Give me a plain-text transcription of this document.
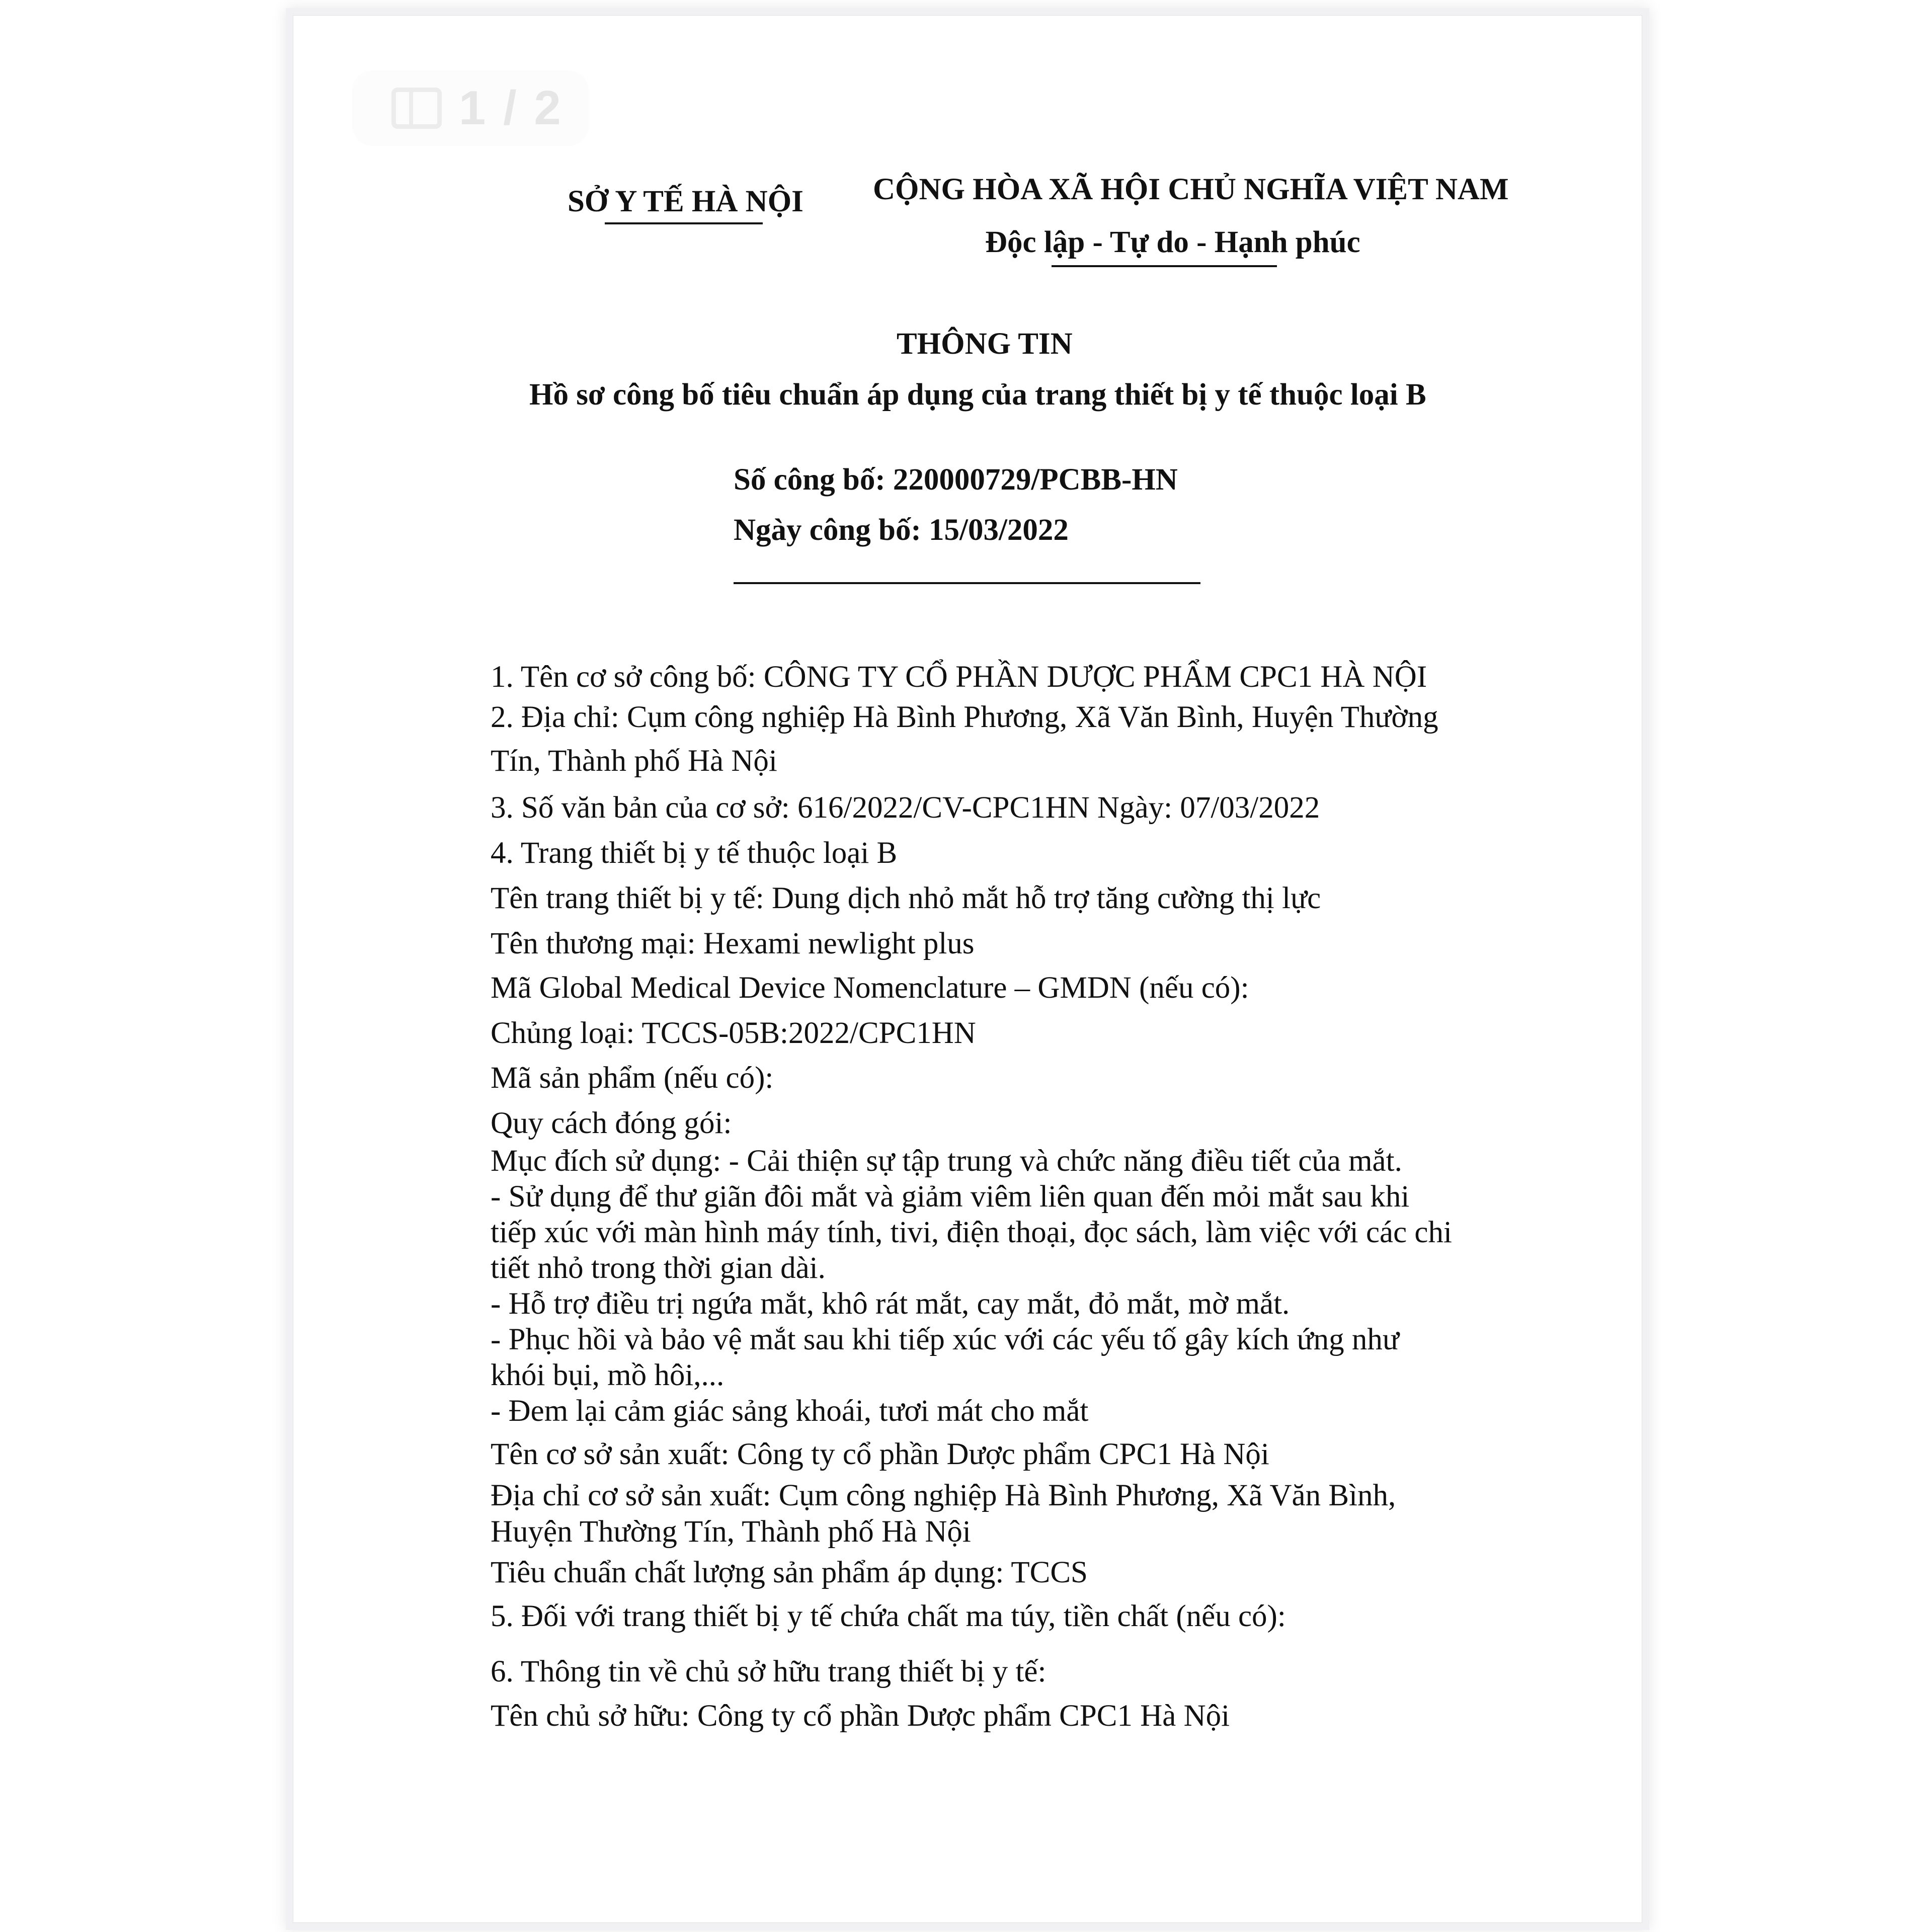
1 / 2
SỞ Y TẾ HÀ NỘI CỘNG HÒA XÃ HỘI CHỦ NGHĨA VIỆT NAM
Độc lập - Tự do - Hạnh phúc
THÔNG TIN
Hồ sơ công bố tiêu chuẩn áp dụng của trang thiết bị y tế thuộc loại B
Số công bố: 220000729/PCBB-HN
Ngày công bố: 15/03/2022
1. Tên cơ sở công bố: CÔNG TY CỔ PHẦN DƯỢC PHẨM CPC1 HÀ NỘI
2. Địa chỉ: Cụm công nghiệp Hà Bình Phương, Xã Văn Bình, Huyện Thường
Tín, Thành phố Hà Nội
3. Số văn bản của cơ sở: 616/2022/CV-CPC1HN Ngày: 07/03/2022
4. Trang thiết bị y tế thuộc loại B
Tên trang thiết bị y tế: Dung dịch nhỏ mắt hỗ trợ tăng cường thị lực
Tên thương mại: Hexami newlight plus
Mã Global Medical Device Nomenclature – GMDN (nếu có):
Chủng loại: TCCS-05B:2022/CPC1HN
Mã sản phẩm (nếu có):
Quy cách đóng gói:
Mục đích sử dụng: - Cải thiện sự tập trung và chức năng điều tiết của mắt.
- Sử dụng để thư giãn đôi mắt và giảm viêm liên quan đến mỏi mắt sau khi
tiếp xúc với màn hình máy tính, tivi, điện thoại, đọc sách, làm việc với các chi
tiết nhỏ trong thời gian dài.
- Hỗ trợ điều trị ngứa mắt, khô rát mắt, cay mắt, đỏ mắt, mờ mắt.
- Phục hồi và bảo vệ mắt sau khi tiếp xúc với các yếu tố gây kích ứng như
khói bụi, mồ hôi,...
- Đem lại cảm giác sảng khoái, tươi mát cho mắt
Tên cơ sở sản xuất: Công ty cổ phần Dược phẩm CPC1 Hà Nội
Địa chỉ cơ sở sản xuất: Cụm công nghiệp Hà Bình Phương, Xã Văn Bình,
Huyện Thường Tín, Thành phố Hà Nội
Tiêu chuẩn chất lượng sản phẩm áp dụng: TCCS
5. Đối với trang thiết bị y tế chứa chất ma túy, tiền chất (nếu có):
6. Thông tin về chủ sở hữu trang thiết bị y tế:
Tên chủ sở hữu: Công ty cổ phần Dược phẩm CPC1 Hà Nội
